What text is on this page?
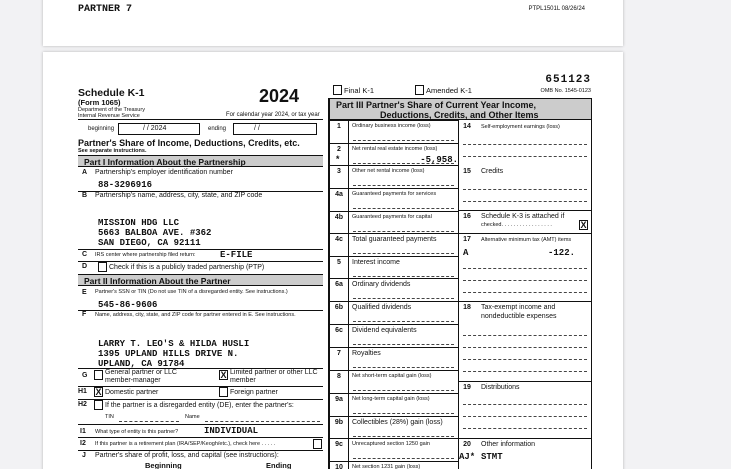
PARTNER 7	PTPL1501L 08/26/24
651123
OMB No. 1545-0123
Final K-1	Amended K-1
Schedule K-1
(Form 1065)
Department of the Treasury
Internal Revenue Service
2024
For calendar year 2024, or tax year
beginning	/ / 2024	ending	/ /
Partner's Share of Income, Deductions, Credits, etc.
See separate instructions.
Part I Information About the Partnership
A Partnership's employer identification number
88-3296916
B Partnership's name, address, city, state, and ZIP code
MISSION HDG LLC
5663 BALBOA AVE. #362
SAN DIEGO, CA 92111
C IRS center where partnership filed return:	E-FILE
D	Check if this is a publicly traded partnership (PTP)
Part II Information About the Partner
E Partner's SSN or TIN (Do not use TIN of a disregarded entity. See instructions.)
545-86-9606
F Name, address, city, state, and ZIP code for partner entered in E. See instructions.
LARRY T. LEO'S & HILDA HUSLI
1395 UPLAND HILLS DRIVE N.
UPLAND, CA 91784
G	General partner or LLC member-manager
X Limited partner or other LLC member
H1 X Domestic partner	Foreign partner
H2	If the partner is a disregarded entity (DE), enter the partner's:
TIN	Name
I1 What type of entity is this partner?	INDIVIDUAL
I2 If this partner is a retirement plan (IRA/SEP/Keogh/etc.), check here . . . . .
J Partner's share of profit, loss, and capital (see instructions):
Beginning	Ending
Part III Partner's Share of Current Year Income,
Deductions, Credits, and Other Items
1	Ordinary business income (loss)
2	Net rental real estate income (loss)
*	-5,958.
3	Other net rental income (loss)
4a	Guaranteed payments for services
4b	Guaranteed payments for capital
4c	Total guaranteed payments
5	Interest income
6a	Ordinary dividends
6b	Qualified dividends
6c	Dividend equivalents
7	Royalties
8	Net short-term capital gain (loss)
9a	Net long-term capital gain (loss)
9b	Collectibles (28%) gain (loss)
9c	Unrecaptured section 1250 gain
10	Net section 1231 gain (loss)
14	Self-employment earnings (loss)
15	Credits
16	Schedule K-3 is attached if
checked. . . . . . . . . . . . . . . . .	X
17	Alternative minimum tax (AMT) items
A	-122.
18	Tax-exempt income and
nondeductible expenses
19	Distributions
20	Other information
AJ* STMT
